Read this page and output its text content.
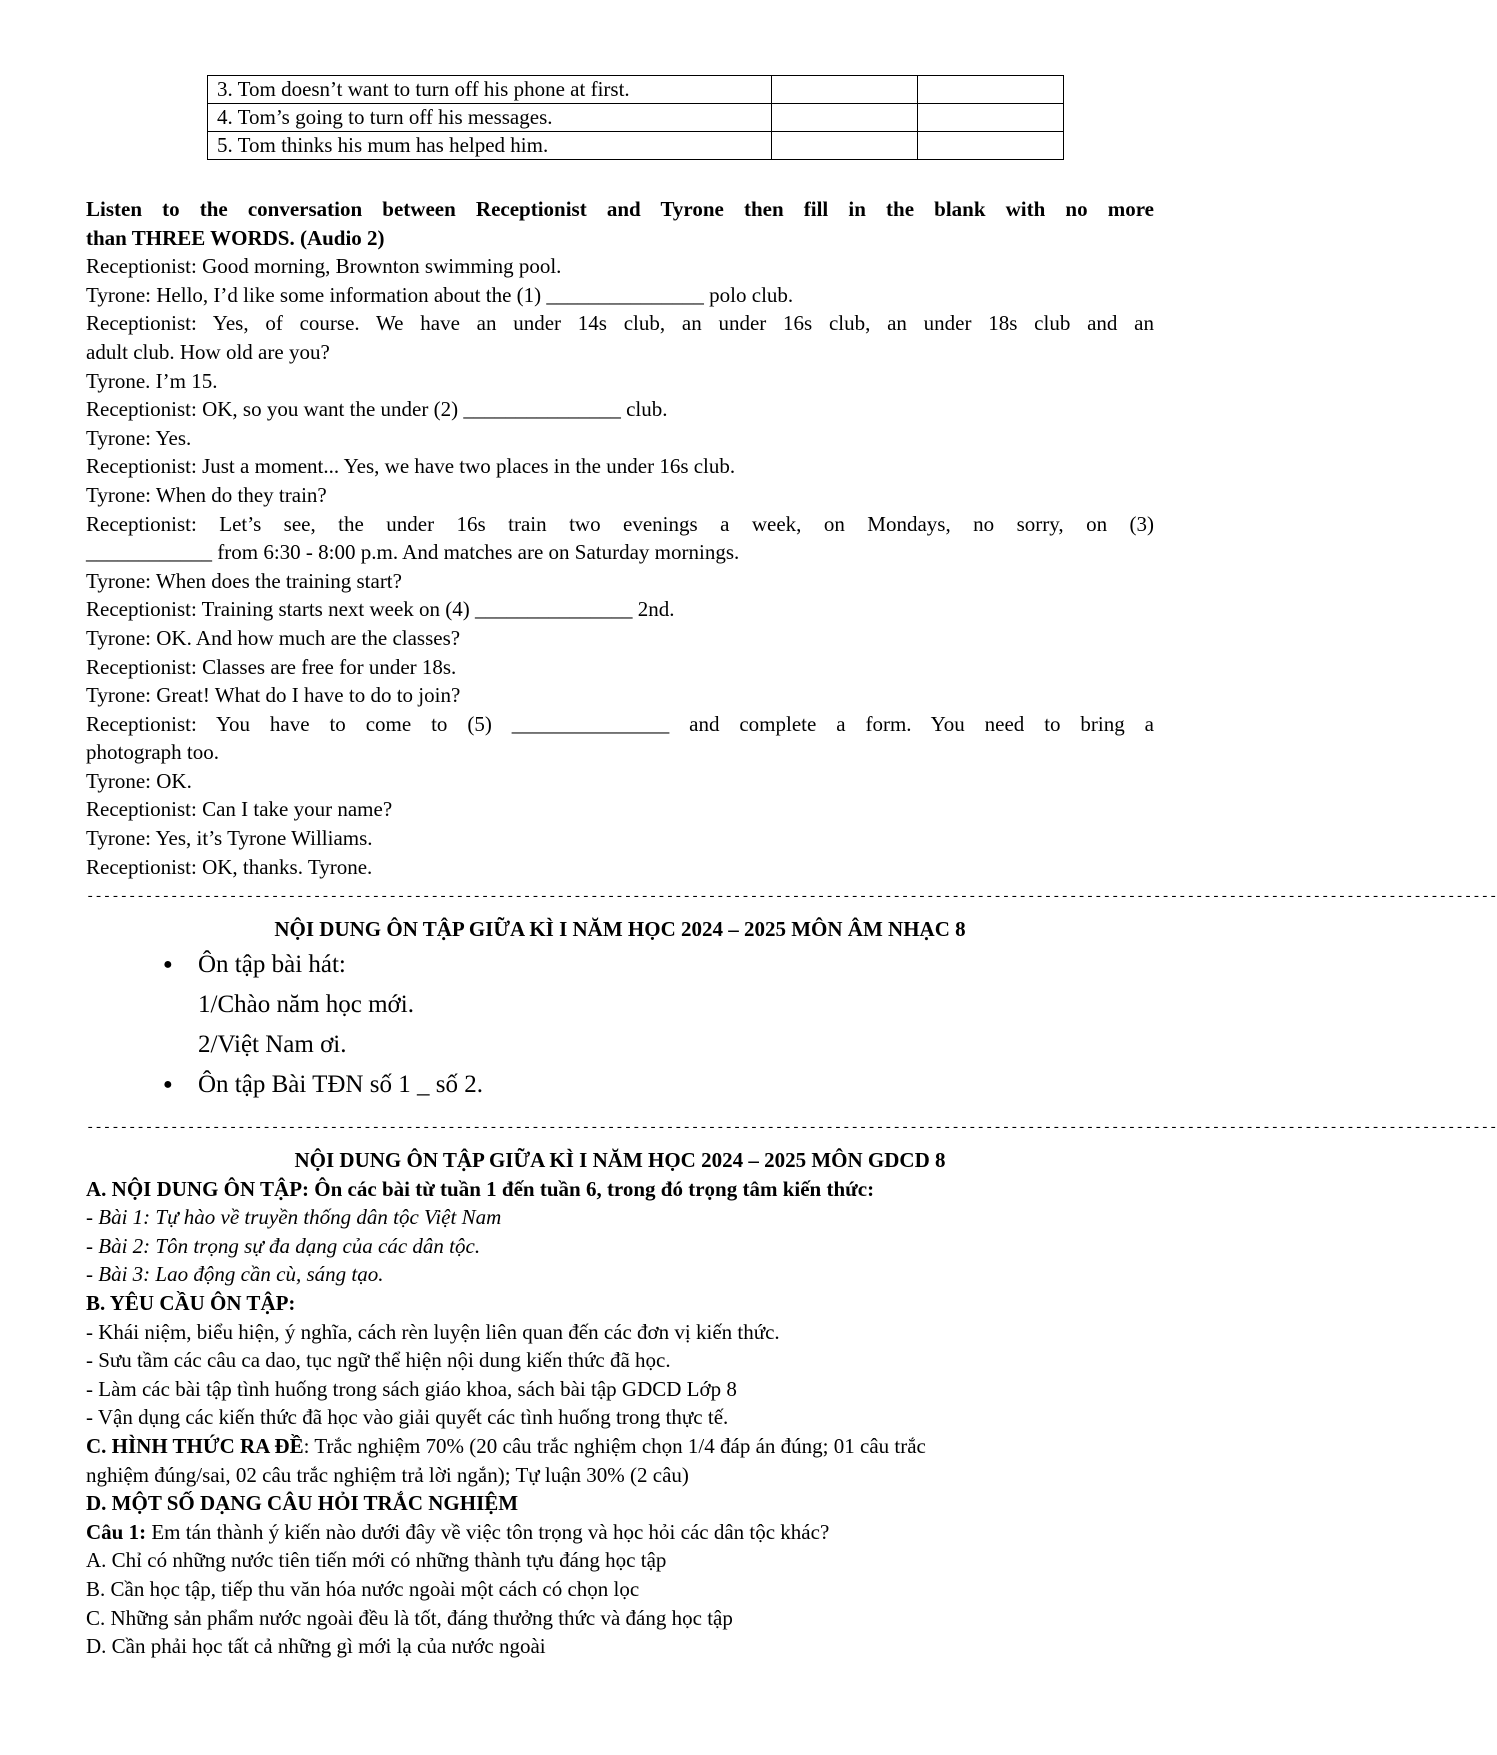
3. Tom doesn’t want to turn off his phone at first.		
4. Tom’s going to turn off his messages.		
5. Tom thinks his mum has helped him.		
Listen to the conversation between Receptionist and Tyrone then fill in the blank with no more
than THREE WORDS. (Audio 2)
Receptionist: Good morning, Brownton swimming pool.
Tyrone: Hello, I’d like some information about the (1) _______________ polo club.
Receptionist: Yes, of course. We have an under 14s club, an under 16s club, an under 18s club and an
adult club. How old are you?
Tyrone. I’m 15.
Receptionist: OK, so you want the under (2) _______________ club.
Tyrone: Yes.
Receptionist: Just a moment... Yes, we have two places in the under 16s club.
Tyrone: When do they train?
Receptionist: Let’s see, the under 16s train two evenings a week, on Mondays, no sorry, on (3)
____________ from 6:30 - 8:00 p.m. And matches are on Saturday mornings.
Tyrone: When does the training start?
Receptionist: Training starts next week on (4) _______________ 2nd.
Tyrone: OK. And how much are the classes?
Receptionist: Classes are free for under 18s.
Tyrone: Great! What do I have to do to join?
Receptionist: You have to come to (5) _______________ and complete a form. You need to bring a
photograph too.
Tyrone: OK.
Receptionist: Can I take your name?
Tyrone: Yes, it’s Tyrone Williams.
Receptionist: OK, thanks. Tyrone.
------------------------------------------------------------------------------------------------------------------------------------------------------------------------
NỘI DUNG ÔN TẬP GIỮA KÌ I NĂM HỌC 2024 – 2025 MÔN ÂM NHẠC 8
● Ôn tập bài hát:
1/Chào năm học mới.
2/Việt Nam ơi.
● Ôn tập Bài TĐN số 1 _ số 2.
------------------------------------------------------------------------------------------------------------------------------------------------------------------------
NỘI DUNG ÔN TẬP GIỮA KÌ I NĂM HỌC 2024 – 2025 MÔN GDCD 8
A. NỘI DUNG ÔN TẬP: Ôn các bài từ tuần 1 đến tuần 6, trong đó trọng tâm kiến thức:
- Bài 1: Tự hào về truyền thống dân tộc Việt Nam
- Bài 2: Tôn trọng sự đa dạng của các dân tộc.
- Bài 3: Lao động cần cù, sáng tạo.
B. YÊU CẦU ÔN TẬP:
- Khái niệm, biểu hiện, ý nghĩa, cách rèn luyện liên quan đến các đơn vị kiến thức.
- Sưu tầm các câu ca dao, tục ngữ thể hiện nội dung kiến thức đã học.
- Làm các bài tập tình huống trong sách giáo khoa, sách bài tập GDCD Lớp 8
- Vận dụng các kiến thức đã học vào giải quyết các tình huống trong thực tế.
C. HÌNH THỨC RA ĐỀ: Trắc nghiệm 70% (20 câu trắc nghiệm chọn 1/4 đáp án đúng; 01 câu trắc
nghiệm đúng/sai, 02 câu trắc nghiệm trả lời ngắn); Tự luận 30% (2 câu)
D. MỘT SỐ DẠNG CÂU HỎI TRẮC NGHIỆM
Câu 1: Em tán thành ý kiến nào dưới đây về việc tôn trọng và học hỏi các dân tộc khác?
A. Chỉ có những nước tiên tiến mới có những thành tựu đáng học tập
B. Cần học tập, tiếp thu văn hóa nước ngoài một cách có chọn lọc
C. Những sản phẩm nước ngoài đều là tốt, đáng thưởng thức và đáng học tập
D. Cần phải học tất cả những gì mới lạ của nước ngoài
